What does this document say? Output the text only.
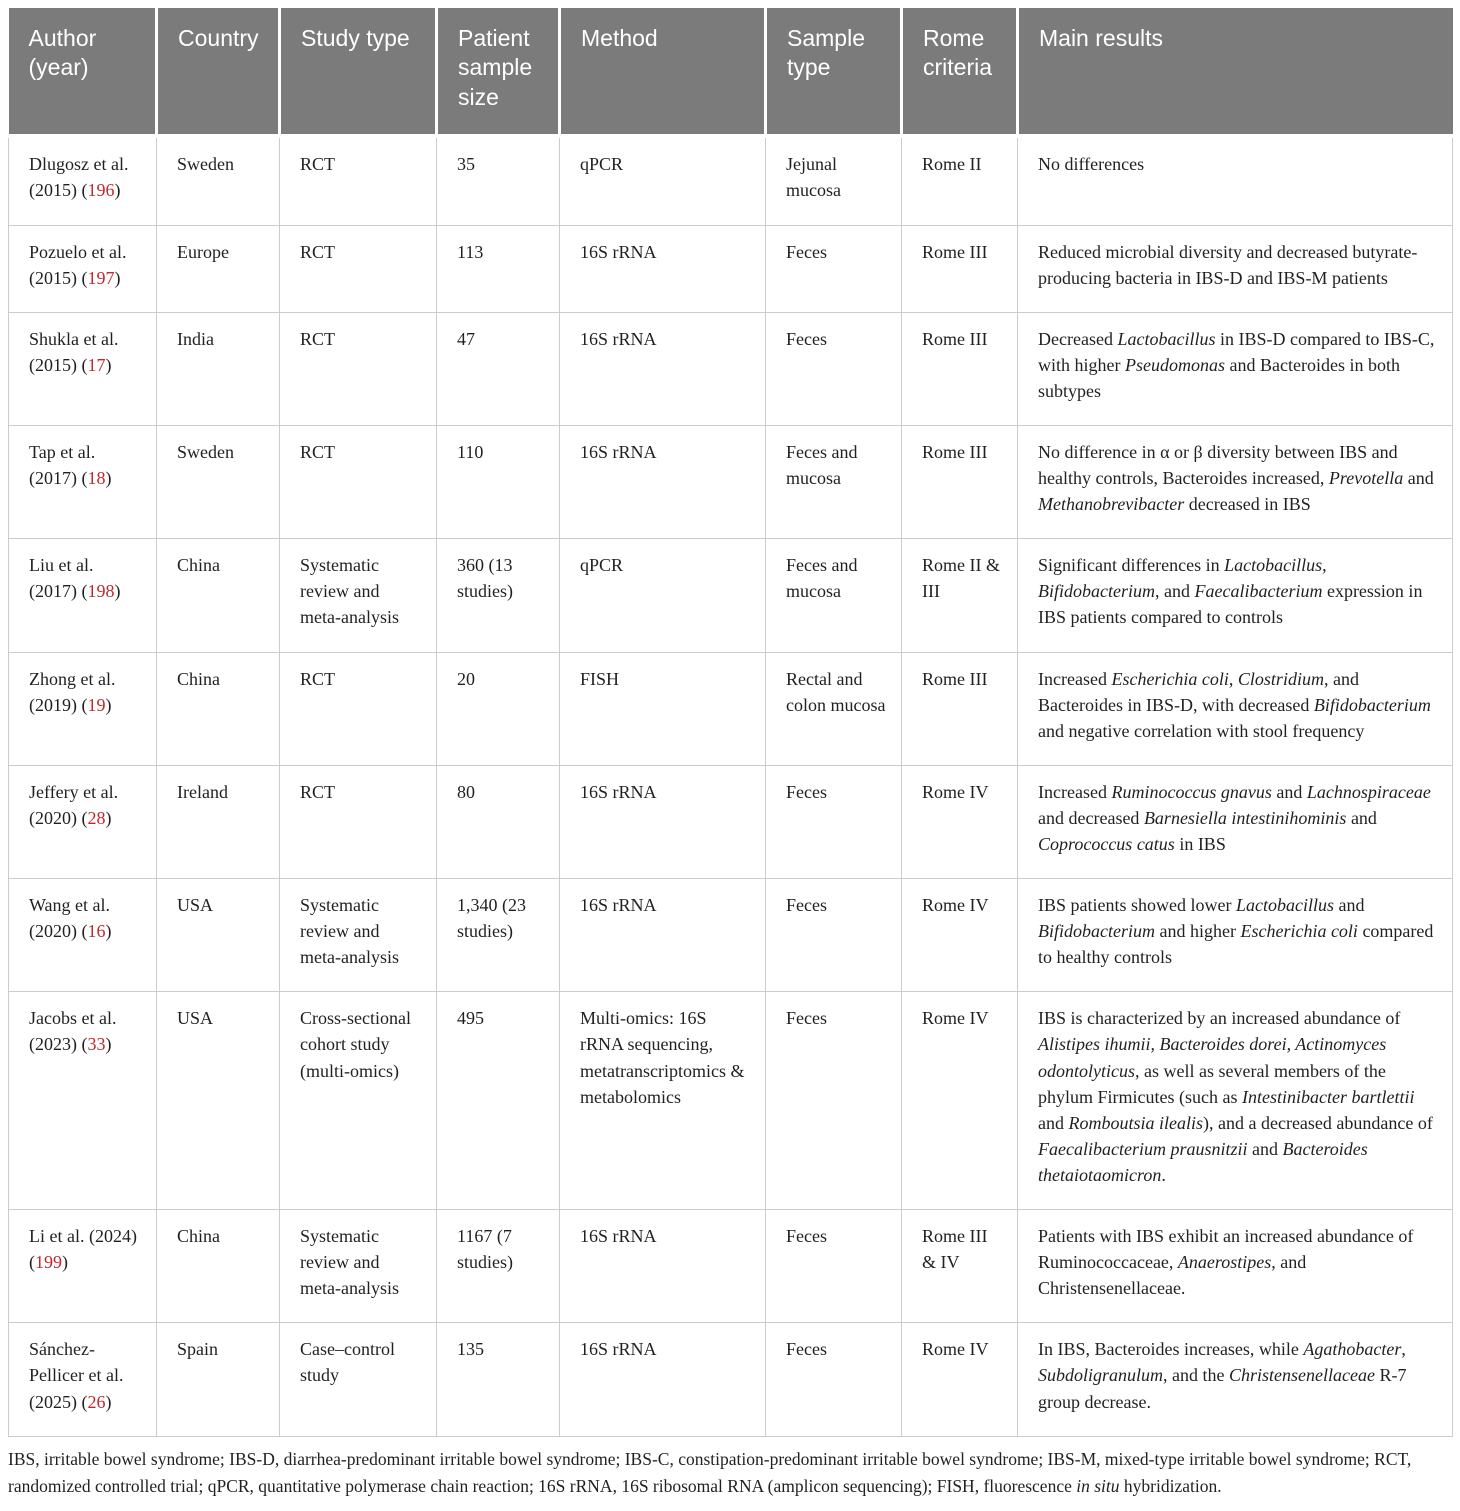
Author (year)	Country	Study type	Patient sample size	Method	Sample type	Rome criteria	Main results
Dlugosz et al. (2015) (196)	Sweden	RCT	35	qPCR	Jejunal mucosa	Rome II	No differences
Pozuelo et al. (2015) (197)	Europe	RCT	113	16S rRNA	Feces	Rome III	Reduced microbial diversity and decreased butyrate-producing bacteria in IBS-D and IBS-M patients
Shukla et al. (2015) (17)	India	RCT	47	16S rRNA	Feces	Rome III	Decreased Lactobacillus in IBS-D compared to IBS-C, with higher Pseudomonas and Bacteroides in both subtypes
Tap et al. (2017) (18)	Sweden	RCT	110	16S rRNA	Feces and mucosa	Rome III	No difference in α or β diversity between IBS and healthy controls, Bacteroides increased, Prevotella and Methanobrevibacter decreased in IBS
Liu et al. (2017) (198)	China	Systematic review and meta-analysis	360 (13 studies)	qPCR	Feces and mucosa	Rome II & III	Significant differences in Lactobacillus, Bifidobacterium, and Faecalibacterium expression in IBS patients compared to controls
Zhong et al. (2019) (19)	China	RCT	20	FISH	Rectal and colon mucosa	Rome III	Increased Escherichia coli, Clostridium, and Bacteroides in IBS-D, with decreased Bifidobacterium and negative correlation with stool frequency
Jeffery et al. (2020) (28)	Ireland	RCT	80	16S rRNA	Feces	Rome IV	Increased Ruminococcus gnavus and Lachnospiraceae and decreased Barnesiella intestinihominis and Coprococcus catus in IBS
Wang et al. (2020) (16)	USA	Systematic review and meta-analysis	1,340 (23 studies)	16S rRNA	Feces	Rome IV	IBS patients showed lower Lactobacillus and Bifidobacterium and higher Escherichia coli compared to healthy controls
Jacobs et al. (2023) (33)	USA	Cross-sectional cohort study (multi-omics)	495	Multi-omics: 16S rRNA sequencing, metatranscriptomics & metabolomics	Feces	Rome IV	IBS is characterized by an increased abundance of Alistipes ihumii, Bacteroides dorei, Actinomyces odontolyticus, as well as several members of the phylum Firmicutes (such as Intestinibacter bartlettii and Romboutsia ilealis), and a decreased abundance of Faecalibacterium prausnitzii and Bacteroides thetaiotaomicron.
Li et al. (2024) (199)	China	Systematic review and meta-analysis	1167 (7 studies)	16S rRNA	Feces	Rome III & IV	Patients with IBS exhibit an increased abundance of Ruminococcaceae, Anaerostipes, and Christensenellaceae.
Sánchez-Pellicer et al. (2025) (26)	Spain	Case–control study	135	16S rRNA	Feces	Rome IV	In IBS, Bacteroides increases, while Agathobacter, Subdoligranulum, and the Christensenellaceae R-7 group decrease.

IBS, irritable bowel syndrome; IBS-D, diarrhea-predominant irritable bowel syndrome; IBS-C, constipation-predominant irritable bowel syndrome; IBS-M, mixed-type irritable bowel syndrome; RCT, randomized controlled trial; qPCR, quantitative polymerase chain reaction; 16S rRNA, 16S ribosomal RNA (amplicon sequencing); FISH, fluorescence in situ hybridization.
